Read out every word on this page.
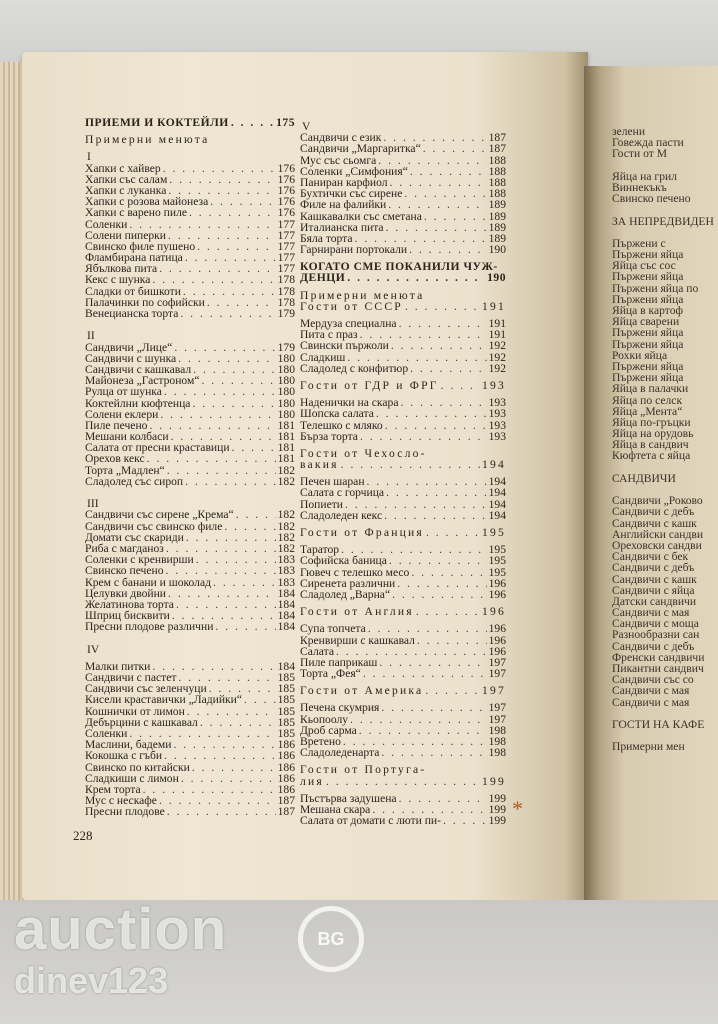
ПРИЕМИ И КОКТЕЙЛИ . . .	175
Примерни менюта
I
Хапки с хайвер . . .	176
Хапки със салам . . .	176
Хапки с луканка . . .	176
Хапки с розова майонеза . . .	176
Хапки с варено пиле . . .	176
Соленки . . .	177
Солени пиперки . . .	177
Свинско филе пушено . . .	177
Фламбирана патица . . .	177
Ябълкова пита . . .	177
Кекс с шунка . . .	178
Сладки от бишкоти . . .	178
Палачинки по софийски . . .	178
Венецианска торта . . .	179
II
Сандвичи „Лице“ . . .	179
Сандвичи с шунка . . .	180
Сандвичи с кашкавал . . .	180
Майонеза „Гастроном“ . . .	180
Рулца от шунка . . .	180
Коктейлни кюфтенца . . .	180
Солени еклери . . .	180
Пиле печено . . .	181
Мешани колбаси . . .	181
Салата от пресни краставици . . .	181
Орехов кекс . . .	181
Торта „Мадлен“ . . .	182
Сладолед със сироп . . .	182
III
Сандвичи със сирене „Крема“ . . .	182
Сандвичи със свинско филе . . .	182
Домати със скариди . . .	182
Риба с магданоз . . .	182
Соленки с кренвирши . . .	183
Свинско печено . . .	183
Крем с банани и шоколад . . .	183
Целувки двойни . . .	184
Желатинова торта . . .	184
Шприц бисквити . . .	184
Пресни плодове различни . . .	184
IV
Малки питки . . .	184
Сандвичи с пастет . . .	185
Сандвичи със зеленчуци . . .	185
Кисели краставички „Ладийки“ . . .	185
Кошнички от лимон . . .	185
Дебърцини с кашкавал . . .	185
Соленки . . .	185
Маслини, бадеми . . .	186
Кокошка с гъби . . .	186
Свинско по китайски . . .	186
Сладкиши с лимон . . .	186
Крем торта . . .	186
Мус с нескафе . . .	187
Пресни плодове . . .	187
V
Сандвичи с език . . .	187
Сандвичи „Маргаритка“ . . .	187
Мус със сьомга . . .	188
Соленки „Симфония“ . . .	188
Паниран карфиол . . .	188
Бухтички със сирене . . .	188
Филе на фалийки . . .	189
Кашкавалки със сметана . . .	189
Италианска пита . . .	189
Бяла торта . . .	189
Гарнирани портокали . . .	190
КОГАТО СМЕ ПОКАНИЛИ ЧУЖ-
ДЕНЦИ . . .	190
Примерни менюта
Гости от СССР . . .	191
Мердуза специална . . .	191
Пита с праз . . .	191
Свински пържоли . . .	192
Сладкиш . . .	192
Сладолед с конфитюр . . .	192
Гости от ГДР и ФРГ . . .	193
Наденички на скара . . .	193
Шопска салата . . .	193
Телешко с мляко . . .	193
Бърза торта . . .	193
Гости от Чехосло-
вакия . . .	194
Печен шаран . . .	194
Салата с горчица . . .	194
Попиети . . .	194
Сладоледен кекс . . .	194
Гости от Франция . . .	195
Таратор . . .	195
Софийска баница . . .	195
Гювеч с телешко месо . . .	195
Сиренета различни . . .	196
Сладолед „Варна“ . . .	196
Гости от Англия . . .	196
Супа топчета . . .	196
Кренвирши с кашкавал . . .	196
Салата . . .	196
Пиле паприкаш . . .	197
Торта „Фея“ . . .	197
Гости от Америка . . .	197
Печена скумрия . . .	197
Кьопоолу . . .	197
Дроб сарма . . .	198
Вретено . . .	198
Сладоледенарта . . .	198
Гости от Португа-
лия . . .	199
Пъстърва задушена . . .	199
Мешана скара . . .	199
Салата от домати с люти пи- . . .	199
зелени
Говежда пасти
Гости от М
Яйца на грил
Виннекъкъ
Свинско печено
ЗА НЕПРЕДВИДЕН
Пържени с
Пържени яйца
Яйца със сос
Пържени яйца
Пържени яйца по
Пържени яйца
Яйца в картоф
Яйца сварени
Пържени яйца
Пържени яйца
Рохки яйца
Пържени яйца
Пържени яйца
Яйца в палачки
Яйца по селск
Яйца „Мента“
Яйца по-гръцки
Яйца на орудовь
Яйца в сандвич
Кюфтета с яйца
САНДВИЧИ
Сандвичи „Роково
Сандвичи с дебъ
Сандвичи с кашк
Английски сандви
Ореховски сандви
Сандвичи с бек
Сандвичи с дебъ
Сандвичи с кашк
Сандвичи с яйца
Датски сандвичи
Сандвичи с мая
Сандвичи с моща
Разнообразни сан
Сандвичи с дебъ
Френски сандвичи
Пикантни сандвич
Сандвичи със со
Сандвичи с мая
Сандвичи с мая
ГОСТИ НА КАФЕ
Примерни мен
228
*
auction	BG
dinev123
